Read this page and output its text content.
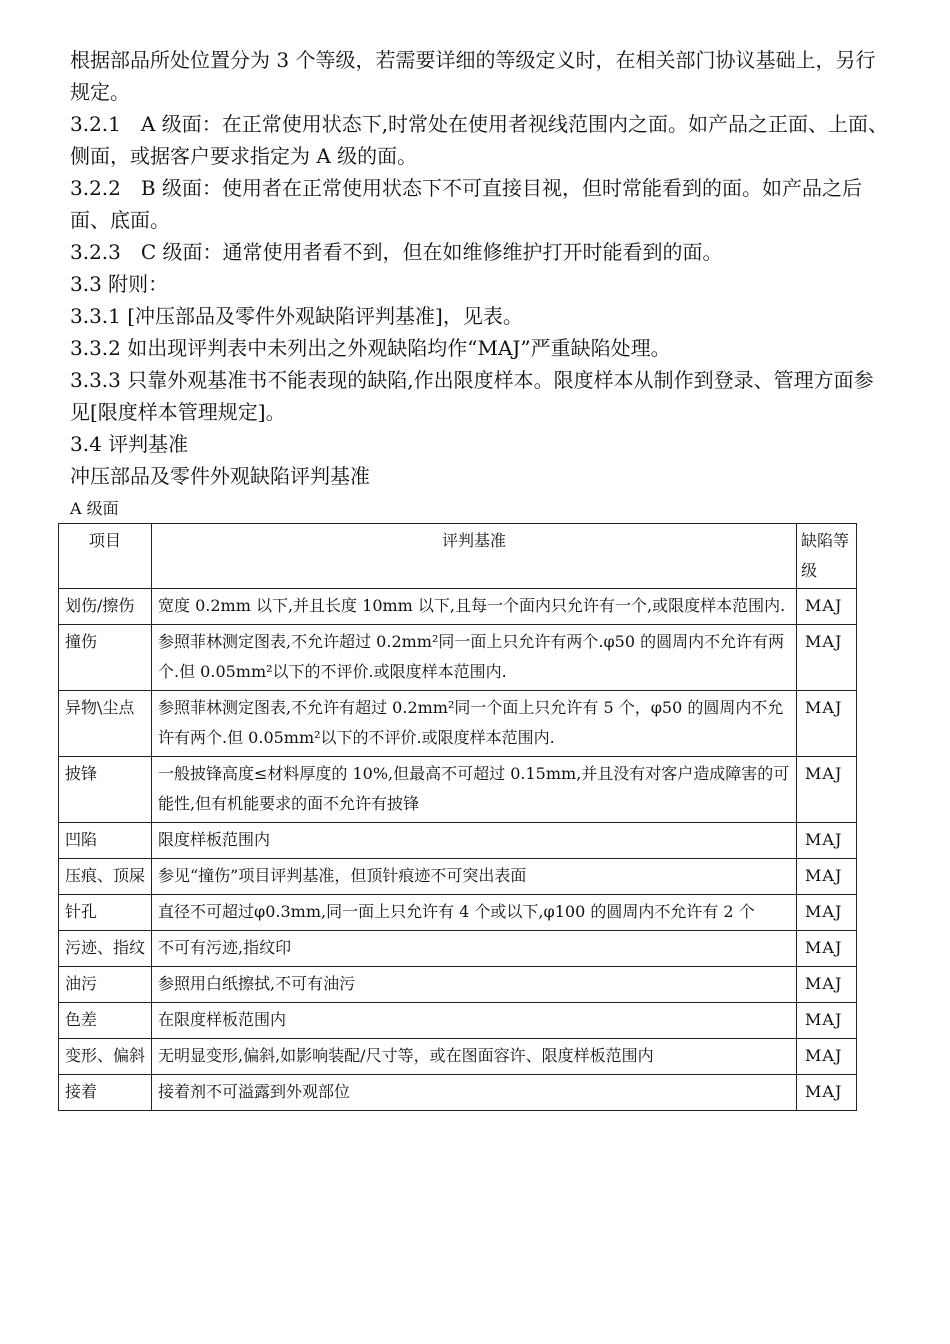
根据部品所处位置分为 3 个等级，若需要详细的等级定义时，在相关部门协议基础上，另行规定。

3.2.1　A 级面：在正常使用状态下,时常处在使用者视线范围内之面。如产品之正面、上面、侧面，或据客户要求指定为 A 级的面。

3.2.2　B 级面：使用者在正常使用状态下不可直接目视，但时常能看到的面。如产品之后面、底面。

3.2.3　C 级面：通常使用者看不到，但在如维修维护打开时能看到的面。

3.3 附则：

3.3.1 [冲压部品及零件外观缺陷评判基准]，见表。

3.3.2 如出现评判表中未列出之外观缺陷均作“MAJ”严重缺陷处理。

3.3.3 只靠外观基准书不能表现的缺陷,作出限度样本。限度样本从制作到登录、管理方面参见[限度样本管理规定]。

3.4 评判基准

冲压部品及零件外观缺陷评判基准

A 级面

项目	评判基准	缺陷等级
划伤/擦伤	宽度 0.2mm 以下,并且长度 10mm 以下,且每一个面内只允许有一个,或限度样本范围内.	MAJ
撞伤	参照菲林测定图表,不允许超过 0.2mm²同一面上只允许有两个.φ50 的圆周内不允许有两个.但 0.05mm²以下的不评价.或限度样本范围内.	MAJ
异物\尘点	参照菲林测定图表,不允许有超过 0.2mm²同一个面上只允许有 5 个，φ50 的圆周内不允许有两个.但 0.05mm²以下的不评价.或限度样本范围内.	MAJ
披锋	一般披锋高度≤材料厚度的 10%,但最高不可超过 0.15mm,并且没有对客户造成障害的可能性,但有机能要求的面不允许有披锋	MAJ
凹陷	限度样板范围内	MAJ
压痕、顶屎	参见“撞伤”项目评判基准，但顶针痕迹不可突出表面	MAJ
针孔	直径不可超过φ0.3mm,同一面上只允许有 4 个或以下,φ100 的圆周内不允许有 2 个	MAJ
污迹、指纹	不可有污迹,指纹印	MAJ
油污	参照用白纸擦拭,不可有油污	MAJ
色差	在限度样板范围内	MAJ
变形、偏斜	无明显变形,偏斜,如影响装配/尺寸等，或在图面容许、限度样板范围内	MAJ
接着	接着剂不可溢露到外观部位	MAJ
